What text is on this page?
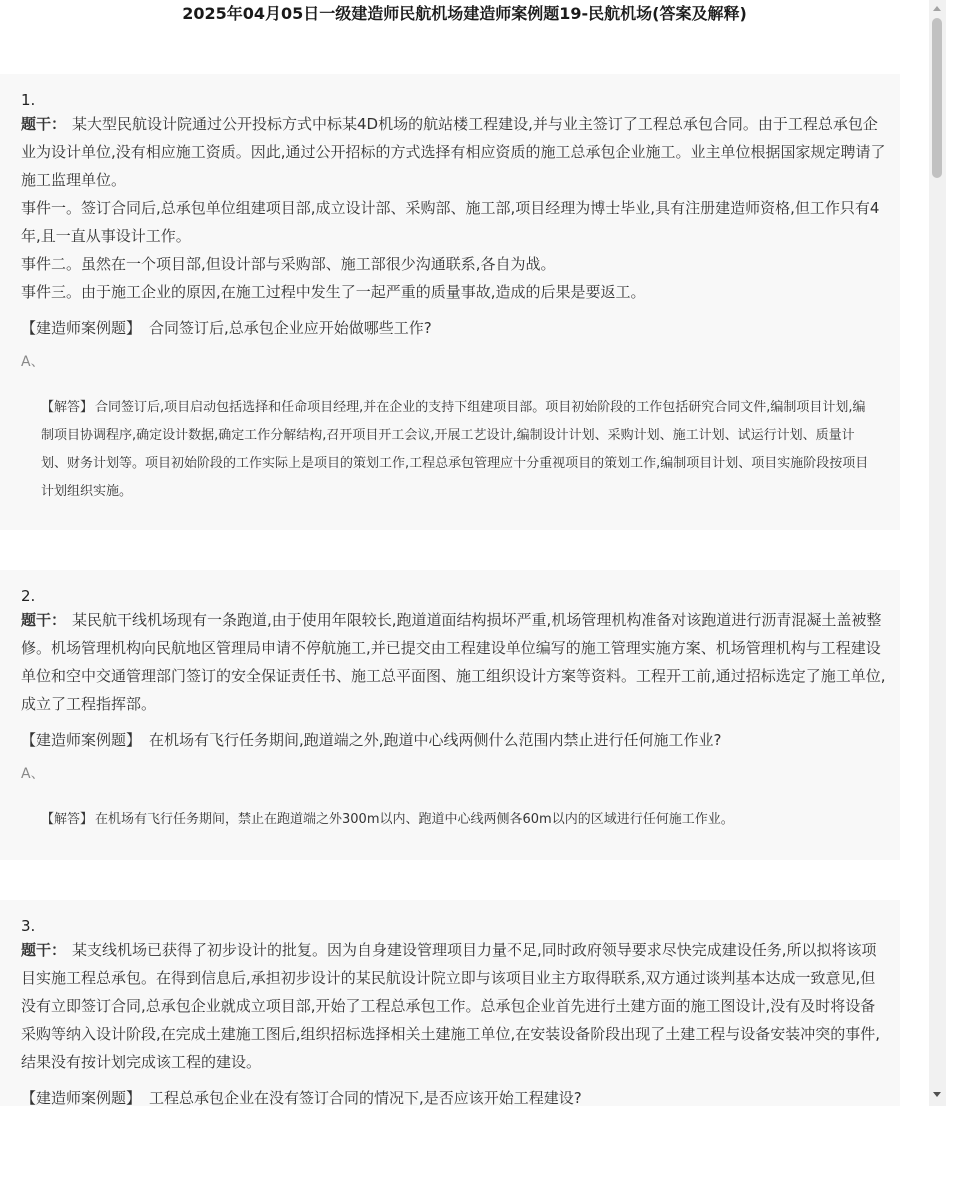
2025年04月05日一级建造师民航机场建造师案例题19-民航机场(答案及解释)
1.

题干： 某大型民航设计院通过公开投标方式中标某4D机场的航站楼工程建设,并与业主签订了工程总承包合同。由于工程总承包企业为设计单位,没有相应施工资质。因此,通过公开招标的方式选择有相应资质的施工总承包企业施工。业主单位根据国家规定聘请了施工监理单位。

事件一。签订合同后,总承包单位组建项目部,成立设计部、采购部、施工部,项目经理为博士毕业,具有注册建造师资格,但工作只有4年,且一直从事设计工作。

事件二。虽然在一个项目部,但设计部与采购部、施工部很少沟通联系,各自为战。

事件三。由于施工企业的原因,在施工过程中发生了一起严重的质量事故,造成的后果是要返工。

【建造师案例题】 合同签订后,总承包企业应开始做哪些工作?

A、

【解答】 合同签订后,项目启动包括选择和任命项目经理,并在企业的支持下组建项目部。项目初始阶段的工作包括研究合同文件,编制项目计划,编制项目协调程序,确定设计数据,确定工作分解结构,召开项目开工会议,开展工艺设计,编制设计计划、采购计划、施工计划、试运行计划、质量计划、财务计划等。项目初始阶段的工作实际上是项目的策划工作,工程总承包管理应十分重视项目的策划工作,编制项目计划、项目实施阶段按项目计划组织实施。
2.

题干： 某民航干线机场现有一条跑道,由于使用年限较长,跑道道面结构损坏严重,机场管理机构准备对该跑道进行沥青混凝土盖被整修。机场管理机构向民航地区管理局申请不停航施工,并已提交由工程建设单位编写的施工管理实施方案、机场管理机构与工程建设单位和空中交通管理部门签订的安全保证责任书、施工总平面图、施工组织设计方案等资料。工程开工前,通过招标选定了施工单位,成立了工程指挥部。

【建造师案例题】 在机场有飞行任务期间,跑道端之外,跑道中心线两侧什么范围内禁止进行任何施工作业?

A、

【解答】 在机场有飞行任务期间，禁止在跑道端之外300m以内、跑道中心线两侧各60m以内的区域进行任何施工作业。
3.

题干： 某支线机场已获得了初步设计的批复。因为自身建设管理项目力量不足,同时政府领导要求尽快完成建设任务,所以拟将该项目实施工程总承包。在得到信息后,承担初步设计的某民航设计院立即与该项目业主方取得联系,双方通过谈判基本达成一致意见,但没有立即签订合同,总承包企业就成立项目部,开始了工程总承包工作。总承包企业首先进行土建方面的施工图设计,没有及时将设备采购等纳入设计阶段,在完成土建施工图后,组织招标选择相关土建施工单位,在安装设备阶段出现了土建工程与设备安装冲突的事件,结果没有按计划完成该工程的建设。

【建造师案例题】 工程总承包企业在没有签订合同的情况下,是否应该开始工程建设?
